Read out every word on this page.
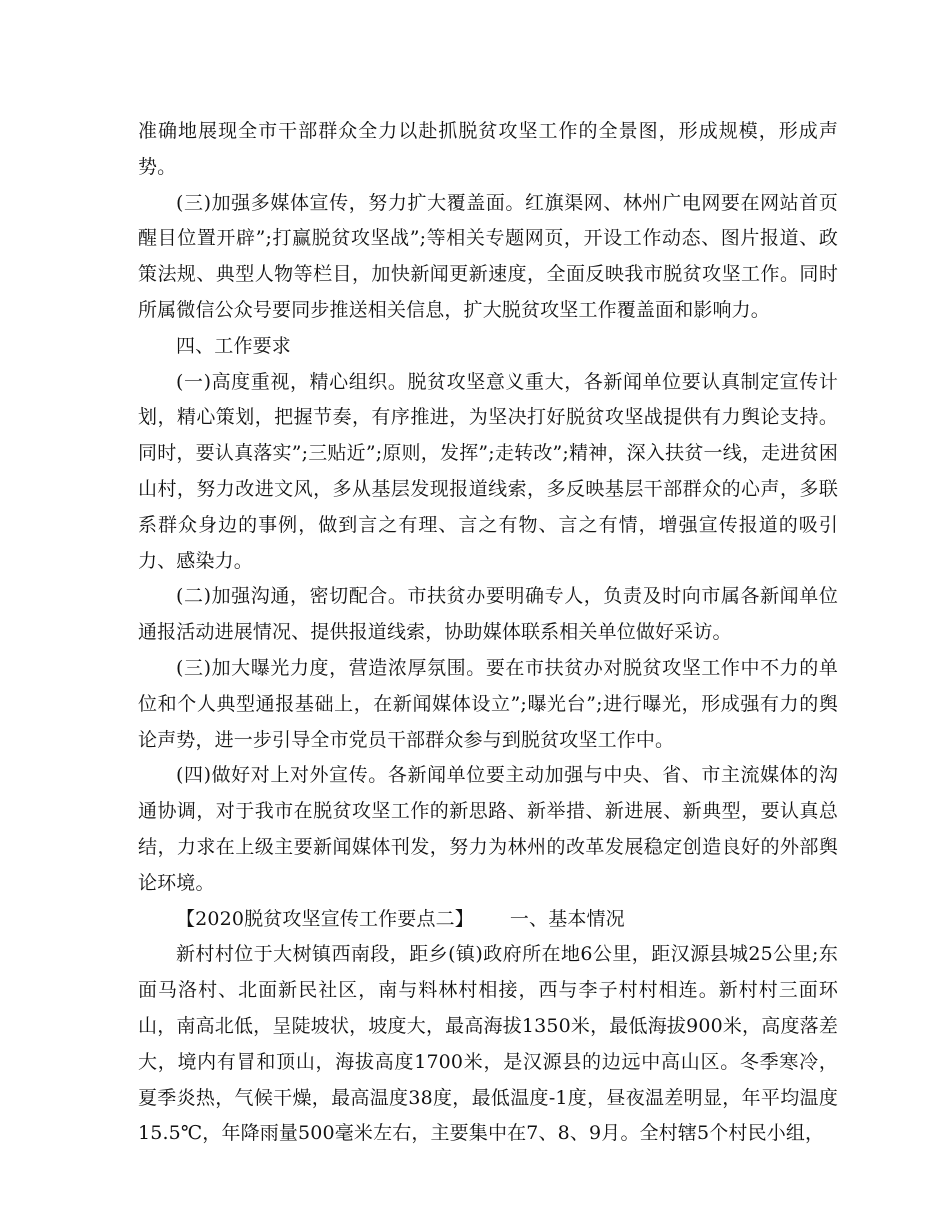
准确地展现全市干部群众全力以赴抓脱贫攻坚工作的全景图，形成规模，形成声势。

(三)加强多媒体宣传，努力扩大覆盖面。红旗渠网、林州广电网要在网站首页醒目位置开辟”;打赢脱贫攻坚战”;等相关专题网页，开设工作动态、图片报道、政策法规、典型人物等栏目，加快新闻更新速度，全面反映我市脱贫攻坚工作。同时所属微信公众号要同步推送相关信息，扩大脱贫攻坚工作覆盖面和影响力。

四、工作要求

(一)高度重视，精心组织。脱贫攻坚意义重大，各新闻单位要认真制定宣传计划，精心策划，把握节奏，有序推进，为坚决打好脱贫攻坚战提供有力舆论支持。同时，要认真落实”;三贴近”;原则，发挥”;走转改”;精神，深入扶贫一线，走进贫困山村，努力改进文风，多从基层发现报道线索，多反映基层干部群众的心声，多联系群众身边的事例，做到言之有理、言之有物、言之有情，增强宣传报道的吸引力、感染力。

(二)加强沟通，密切配合。市扶贫办要明确专人，负责及时向市属各新闻单位通报活动进展情况、提供报道线索，协助媒体联系相关单位做好采访。

(三)加大曝光力度，营造浓厚氛围。要在市扶贫办对脱贫攻坚工作中不力的单位和个人典型通报基础上，在新闻媒体设立”;曝光台”;进行曝光，形成强有力的舆论声势，进一步引导全市党员干部群众参与到脱贫攻坚工作中。

(四)做好对上对外宣传。各新闻单位要主动加强与中央、省、市主流媒体的沟通协调，对于我市在脱贫攻坚工作的新思路、新举措、新进展、新典型，要认真总结，力求在上级主要新闻媒体刊发，努力为林州的改革发展稳定创造良好的外部舆论环境。

【2020脱贫攻坚宣传工作要点二】 一、基本情况

新村村位于大树镇西南段，距乡(镇)政府所在地6公里，距汉源县城25公里;东面马洛村、北面新民社区，南与料林村相接，西与李子村村相连。新村村三面环山，南高北低，呈陡坡状，坡度大，最高海拔1350米，最低海拔900米，高度落差大，境内有冒和顶山，海拔高度1700米，是汉源县的边远中高山区。冬季寒冷，夏季炎热，气候干燥，最高温度38度，最低温度-1度，昼夜温差明显，年平均温度15.5℃，年降雨量500毫米左右，主要集中在7、8、9月。全村辖5个村民小组，
